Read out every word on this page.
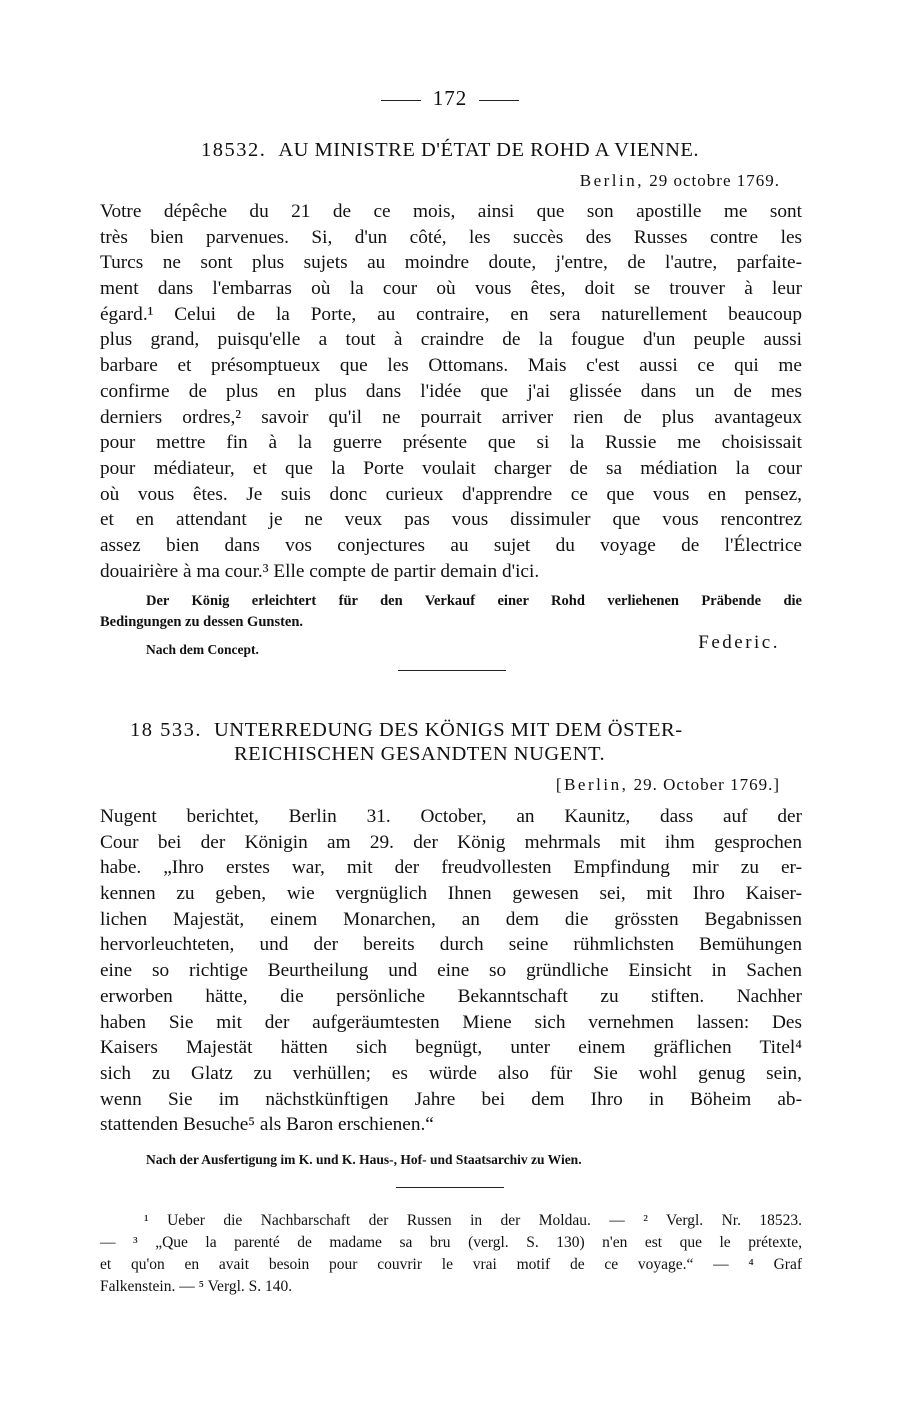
172
18532. AU MINISTRE D'ÉTAT DE ROHD A VIENNE.
Berlin, 29 octobre 1769.
Votre dépêche du 21 de ce mois, ainsi que son apostille me sont
très bien parvenues. Si, d'un côté, les succès des Russes contre les
Turcs ne sont plus sujets au moindre doute, j'entre, de l'autre, parfaite-
ment dans l'embarras où la cour où vous êtes, doit se trouver à leur
égard.¹ Celui de la Porte, au contraire, en sera naturellement beaucoup
plus grand, puisqu'elle a tout à craindre de la fougue d'un peuple aussi
barbare et présomptueux que les Ottomans. Mais c'est aussi ce qui me
confirme de plus en plus dans l'idée que j'ai glissée dans un de mes
derniers ordres,² savoir qu'il ne pourrait arriver rien de plus avantageux
pour mettre fin à la guerre présente que si la Russie me choisissait
pour médiateur, et que la Porte voulait charger de sa médiation la cour
où vous êtes. Je suis donc curieux d'apprendre ce que vous en pensez,
et en attendant je ne veux pas vous dissimuler que vous rencontrez
assez bien dans vos conjectures au sujet du voyage de l'Électrice
douairière à ma cour.³ Elle compte de partir demain d'ici.
Der König erleichtert für den Verkauf einer Rohd verliehenen Präbende die
Bedingungen zu dessen Gunsten.
Nach dem Concept.	Federic.
18 533. UNTERREDUNG DES KÖNIGS MIT DEM ÖSTER-
REICHISCHEN GESANDTEN NUGENT.
[Berlin, 29. October 1769.]
Nugent berichtet, Berlin 31. October, an Kaunitz, dass auf der
Cour bei der Königin am 29. der König mehrmals mit ihm gesprochen
habe. „Ihro erstes war, mit der freudvollesten Empfindung mir zu er-
kennen zu geben, wie vergnüglich Ihnen gewesen sei, mit Ihro Kaiser-
lichen Majestät, einem Monarchen, an dem die grössten Begabnissen
hervorleuchteten, und der bereits durch seine rühmlichsten Bemühungen
eine so richtige Beurtheilung und eine so gründliche Einsicht in Sachen
erworben hätte, die persönliche Bekanntschaft zu stiften. Nachher
haben Sie mit der aufgeräumtesten Miene sich vernehmen lassen: Des
Kaisers Majestät hätten sich begnügt, unter einem gräflichen Titel⁴
sich zu Glatz zu verhüllen; es würde also für Sie wohl genug sein,
wenn Sie im nächstkünftigen Jahre bei dem Ihro in Böheim ab-
stattenden Besuche⁵ als Baron erschienen.“
Nach der Ausfertigung im K. und K. Haus-, Hof- und Staatsarchiv zu Wien.
¹ Ueber die Nachbarschaft der Russen in der Moldau. — ² Vergl. Nr. 18523.
— ³ „Que la parenté de madame sa bru (vergl. S. 130) n'en est que le prétexte,
et qu'on en avait besoin pour couvrir le vrai motif de ce voyage.“ — ⁴ Graf
Falkenstein. — ⁵ Vergl. S. 140.
